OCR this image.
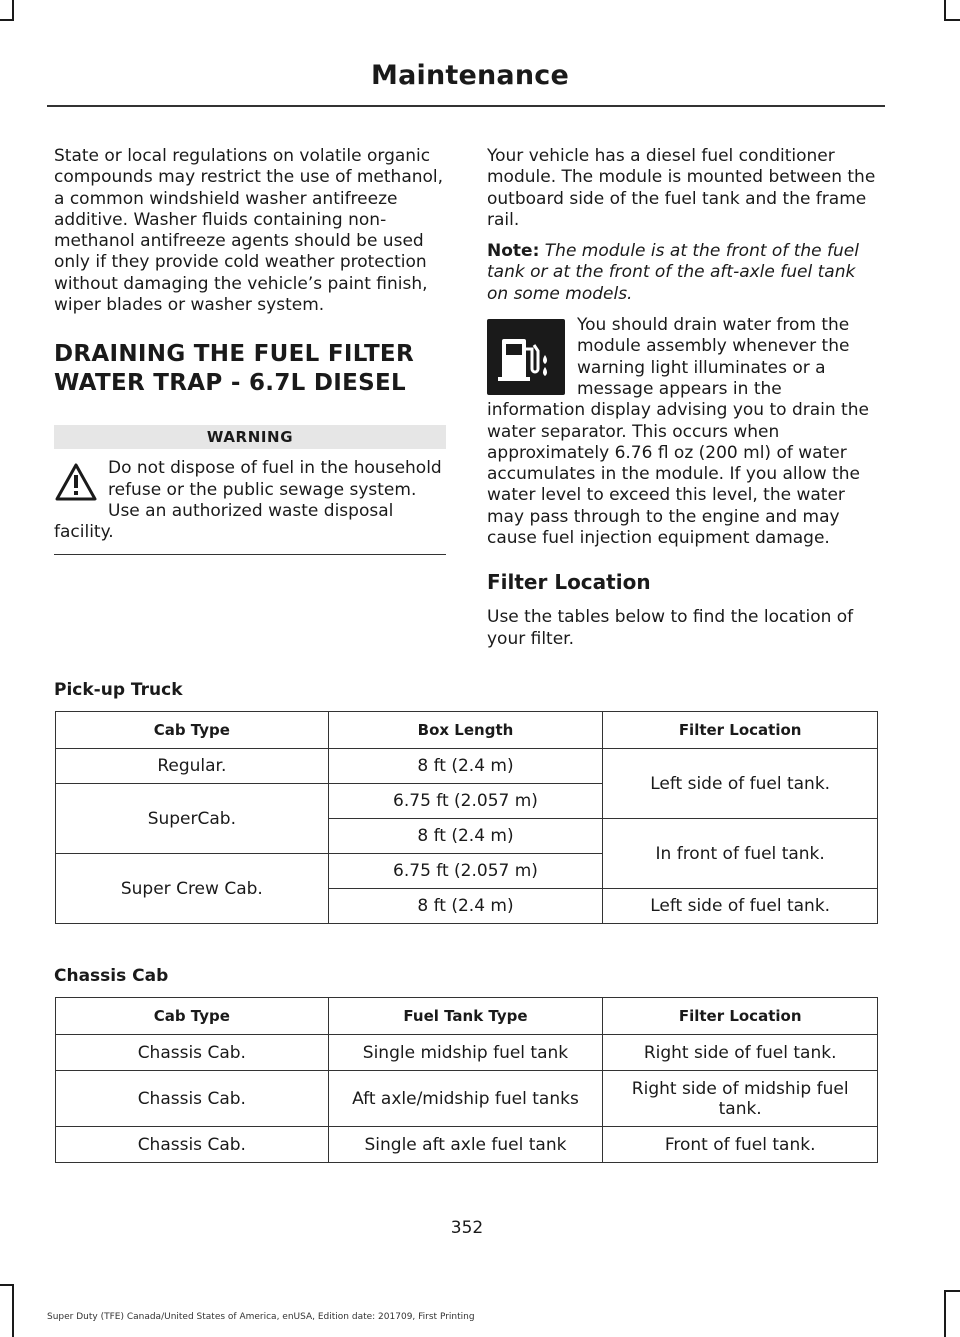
Maintenance

State or local regulations on volatile organic compounds may restrict the use of methanol, a common windshield washer antifreeze additive. Washer fluids containing non-methanol antifreeze agents should be used only if they provide cold weather protection without damaging the vehicle’s paint finish, wiper blades or washer system.

DRAINING THE FUEL FILTER
WATER TRAP - 6.7L DIESEL
WARNING

Do not dispose of fuel in the household refuse or the public sewage system. Use an authorized waste disposal facility.

Your vehicle has a diesel fuel conditioner module. The module is mounted between the outboard side of the fuel tank and the frame rail.

Note: The module is at the front of the fuel tank or at the front of the aft-axle fuel tank on some models.

You should drain water from the module assembly whenever the warning light illuminates or a message appears in the information display advising you to drain the water separator. This occurs when approximately 6.76 fl oz (200 ml) of water accumulates in the module. If you allow the water level to exceed this level, the water may pass through to the engine and may cause fuel injection equipment damage.

Filter Location

Use the tables below to find the location of your filter.

Pick-up Truck
Cab Type	Box Length	Filter Location
Regular.	8 ft (2.4 m)	Left side of fuel tank.
SuperCab.	6.75 ft (2.057 m)	
	8 ft (2.4 m)	In front of fuel tank.
Super Crew Cab.	6.75 ft (2.057 m)	
	8 ft (2.4 m)	Left side of fuel tank.
Chassis Cab
Cab Type	Fuel Tank Type	Filter Location
Chassis Cab.	Single midship fuel tank	Right side of fuel tank.
Chassis Cab.	Aft axle/midship fuel tanks	Right side of midship fuel tank.
Chassis Cab.	Single aft axle fuel tank	Front of fuel tank.
352
Super Duty (TFE) Canada/United States of America, enUSA, Edition date: 201709, First Printing
